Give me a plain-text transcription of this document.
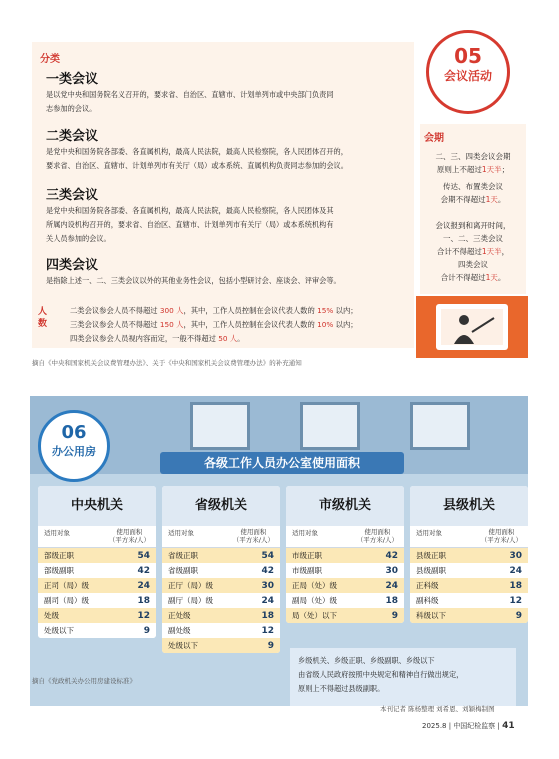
分类
一类会议
是以党中央和国务院名义召开的，要求省、自治区、直辖市、计划单列市或中央部门负责同
志参加的会议。
二类会议
是党中央和国务院各部委、各直属机构，最高人民法院，最高人民检察院，各人民团体召开的，
要求省、自治区、直辖市、计划单列市有关厅（局）或本系统、直属机构负责同志参加的会议。
三类会议
是党中央和国务院各部委、各直属机构，最高人民法院，最高人民检察院，各人民团体及其
所属内设机构召开的，要求省、自治区、直辖市、计划单列市有关厅（局）或本系统机构有
关人员参加的会议。
四类会议
是指除上述一、二、三类会议以外的其他业务性会议，包括小型研讨会、座谈会、评审会等。
05
会议活动
会期
二、三、四类会议会期
原则上不超过1天半；
传达、布置类会议
会期不得超过1天。
会议报到和离开时间，
一、二、三类会议
合计不得超过1天半，
四类会议
合计不得超过1天。
人数
二类会议参会人员不得超过 300 人，其中，工作人员控制在会议代表人数的 15% 以内；
三类会议参会人员不得超过 150 人，其中，工作人员控制在会议代表人数的 10% 以内；
四类会议参会人员视内容而定，一般不得超过 50 人。
摘自《中央和国家机关会议费管理办法》、关于《中央和国家机关会议费管理办法》的补充通知
06
办公用房
各级工作人员办公室使用面积
中央机关
适用对象	使用面积
（平方米/人）
部级正职	54
部级副职	42
正司（局）级	24
副司（局）级	18
处级	12
处级以下	9
省级机关
适用对象	使用面积
（平方米/人）
省级正职	54
省级副职	42
正厅（局）级	30
副厅（局）级	24
正处级	18
副处级	12
处级以下	9
市级机关
适用对象	使用面积
（平方米/人）
市级正职	42
市级副职	30
正局（处）级	24
副局（处）级	18
局（处）以下	9
县级机关
适用对象	使用面积
（平方米/人）
县级正职	30
县级副职	24
正科级	18
副科级	12
科级以下	9
乡级机关、乡级正职、乡级副职、乡级以下
由省级人民政府按照中央规定和精神自行做出规定，
原则上不得超过县级副职。
摘自《党政机关办公用房建设标准》
本刊记者 陈杨整理 刘希恩、刘颖梅制图
2025.8 | 中国纪检监察 | 41
